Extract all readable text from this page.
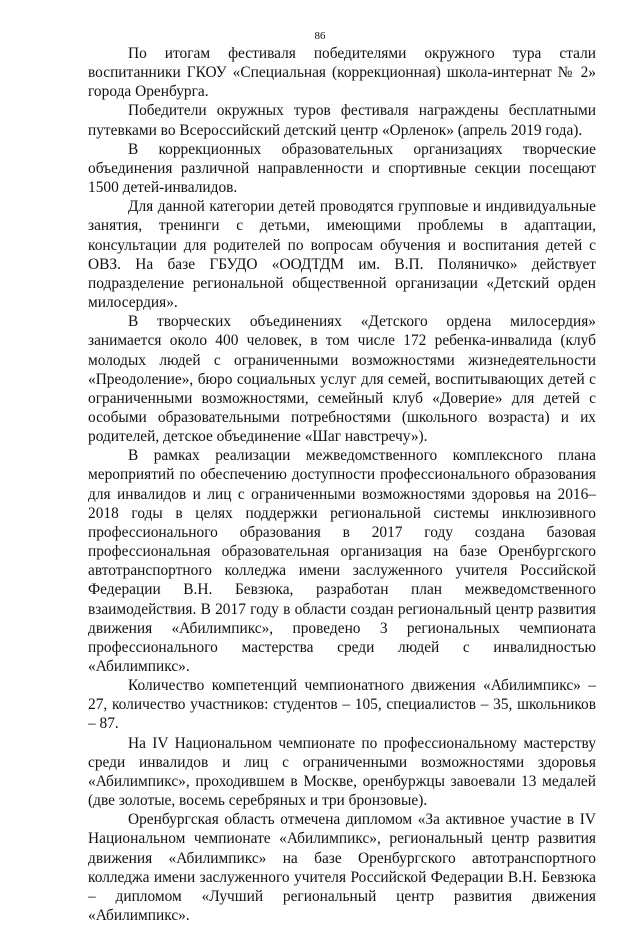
86

По итогам фестиваля победителями окружного тура стали воспитанники ГКОУ «Специальная (коррекционная) школа-интернат № 2» города Оренбурга.

Победители окружных туров фестиваля награждены бесплатными путевками во Всероссийский детский центр «Орленок» (апрель 2019 года).

В коррекционных образовательных организациях творческие объединения различной направленности и спортивные секции посещают 1500 детей-инвалидов.

Для данной категории детей проводятся групповые и индивидуальные занятия, тренинги с детьми, имеющими проблемы в адаптации, консультации для родителей по вопросам обучения и воспитания детей с ОВЗ. На базе ГБУДО «ООДТДМ им. В.П. Поляничко» действует подразделение региональной общественной организации «Детский орден милосердия».

В творческих объединениях «Детского ордена милосердия» занимается около 400 человек, в том числе 172 ребенка-инвалида (клуб молодых людей с ограниченными возможностями жизнедеятельности «Преодоление», бюро социальных услуг для семей, воспитывающих детей с ограниченными возможностями, семейный клуб «Доверие» для детей с особыми образовательными потребностями (школьного возраста) и их родителей, детское объединение «Шаг навстречу»).

В рамках реализации межведомственного комплексного плана мероприятий по обеспечению доступности профессионального образования для инвалидов и лиц с ограниченными возможностями здоровья на 2016–2018 годы в целях поддержки региональной системы инклюзивного профессионального образования в 2017 году создана базовая профессиональная образовательная организация на базе Оренбургского автотранспортного колледжа имени заслуженного учителя Российской Федерации В.Н. Бевзюка, разработан план межведомственного взаимодействия. В 2017 году в области создан региональный центр развития движения «Абилимпикс», проведено 3 региональных чемпионата профессионального мастерства среди людей с инвалидностью «Абилимпикс».

Количество компетенций чемпионатного движения «Абилимпикс» – 27, количество участников: студентов – 105, специалистов – 35, школьников – 87.

На IV Национальном чемпионате по профессиональному мастерству среди инвалидов и лиц с ограниченными возможностями здоровья «Абилимпикс», проходившем в Москве, оренбуржцы завоевали 13 медалей (две золотые, восемь серебряных и три бронзовые).

Оренбургская область отмечена дипломом «За активное участие в IV Национальном чемпионате «Абилимпикс», региональный центр развития движения «Абилимпикс» на базе Оренбургского автотранспортного колледжа имени заслуженного учителя Российской Федерации В.Н. Бевзюка – дипломом «Лучший региональный центр развития движения «Абилимпикс».
